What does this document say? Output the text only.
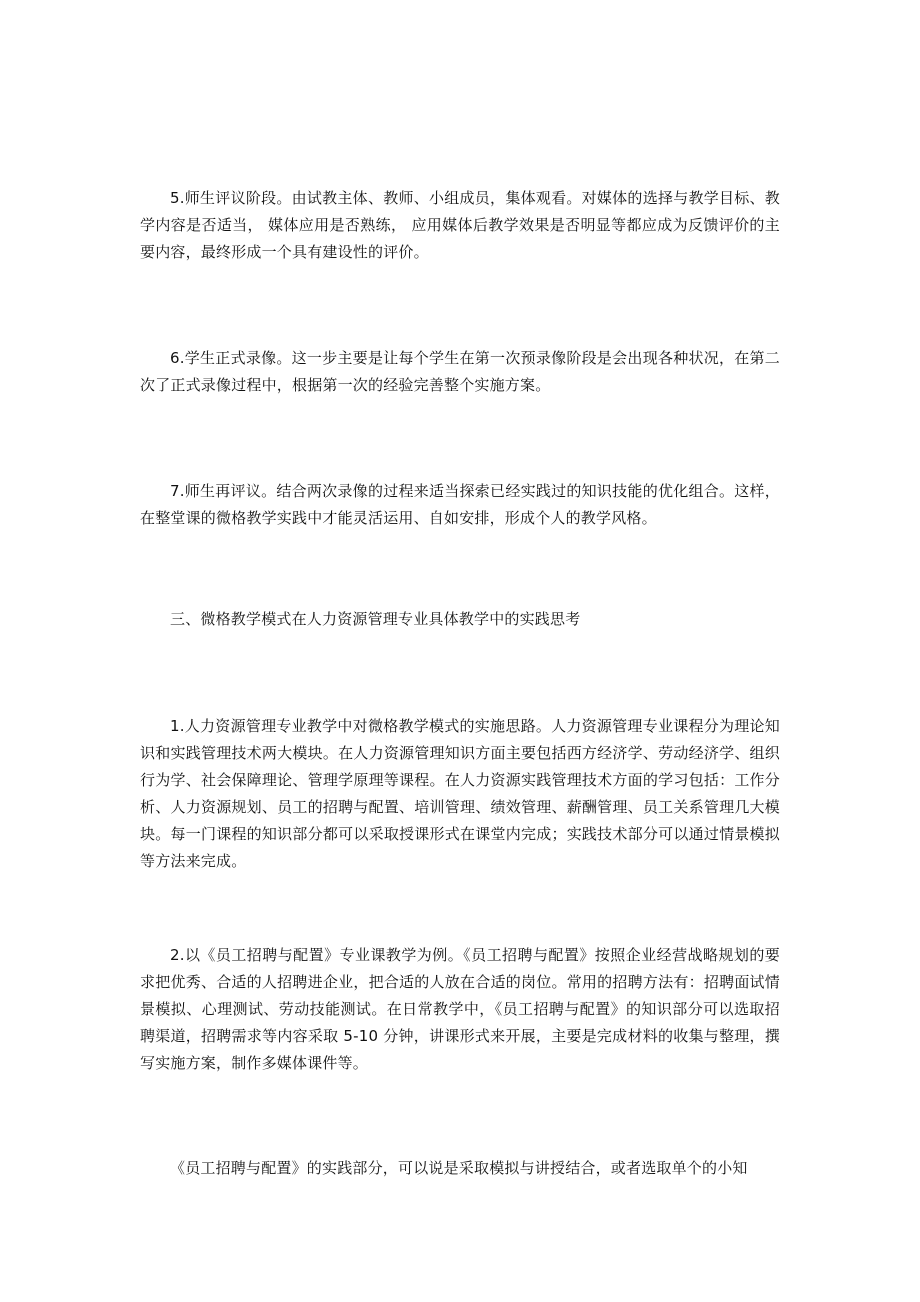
5.师生评议阶段。由试教主体、教师、小组成员，集体观看。对媒体的选择与教学目标、教学内容是否适当， 媒体应用是否熟练， 应用媒体后教学效果是否明显等都应成为反馈评价的主要内容，最终形成一个具有建设性的评价。

6.学生正式录像。这一步主要是让每个学生在第一次预录像阶段是会出现各种状况，在第二次了正式录像过程中，根据第一次的经验完善整个实施方案。

7.师生再评议。结合两次录像的过程来适当探索已经实践过的知识技能的优化组合。这样，在整堂课的微格教学实践中才能灵活运用、自如安排，形成个人的教学风格。

三、微格教学模式在人力资源管理专业具体教学中的实践思考

1.人力资源管理专业教学中对微格教学模式的实施思路。人力资源管理专业课程分为理论知识和实践管理技术两大模块。在人力资源管理知识方面主要包括西方经济学、劳动经济学、组织行为学、社会保障理论、管理学原理等课程。在人力资源实践管理技术方面的学习包括：工作分析、人力资源规划、员工的招聘与配置、培训管理、绩效管理、薪酬管理、员工关系管理几大模块。每一门课程的知识部分都可以采取授课形式在课堂内完成；实践技术部分可以通过情景模拟等方法来完成。

2.以《员工招聘与配置》专业课教学为例。《员工招聘与配置》按照企业经营战略规划的要求把优秀、合适的人招聘进企业，把合适的人放在合适的岗位。常用的招聘方法有：招聘面试情景模拟、心理测试、劳动技能测试。在日常教学中，《员工招聘与配置》的知识部分可以选取招聘渠道，招聘需求等内容采取 5-10 分钟，讲课形式来开展，主要是完成材料的收集与整理，撰写实施方案，制作多媒体课件等。

《员工招聘与配置》的实践部分，可以说是采取模拟与讲授结合，或者选取单个的小知
